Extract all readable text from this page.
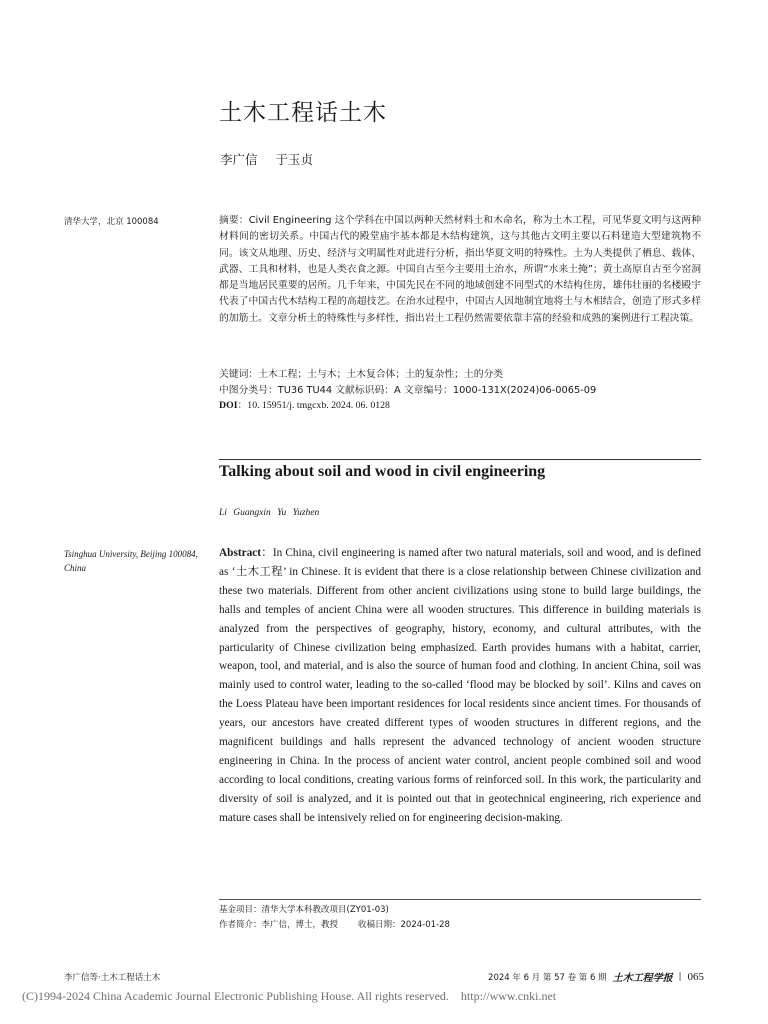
土木工程话土木
李广信 于玉贞
清华大学，北京 100084	摘要：Civil Engineering 这个学科在中国以两种天然材料土和木命名，称为土木工程，可见华夏文明与这两种材料间的密切关系。中国古代的殿堂庙宇基本都是木结构建筑，这与其他古文明主要以石料建造大型建筑物不同。该文从地理、历史、经济与文明属性对此进行分析，指出华夏文明的特殊性。土为人类提供了栖息、载体、武器、工具和材料，也是人类衣食之源。中国自古至今主要用土治水，所谓“水来土掩”；黄土高原自古至今窑洞都是当地居民重要的居所。几千年来，中国先民在不同的地域创建不同型式的木结构住房，雄伟壮丽的名楼殿宇代表了中国古代木结构工程的高超技艺。在治水过程中，中国古人因地制宜地将土与木相结合，创造了形式多样的加筋土。文章分析土的特殊性与多样性，指出岩土工程仍然需要依靠丰富的经验和成熟的案例进行工程决策。

关键词：土木工程；土与木；土木复合体；土的复杂性；土的分类
中图分类号：TU36 TU44 文献标识码：A 文章编号：1000-131X(2024)06-0065-09
DOI：10. 15951/j. tmgcxb. 2024. 06. 0128
Talking about soil and wood in civil engineering
Li Guangxin Yu Yuzhen
Tsinghua University, Beijing 100084, China
Abstract：In China, civil engineering is named after two natural materials, soil and wood, and is defined as ‘土木工程’ in Chinese. It is evident that there is a close relationship between Chinese civilization and these two materials. Different from other ancient civilizations using stone to build large buildings, the halls and temples of ancient China were all wooden structures. This difference in building materials is analyzed from the perspectives of geography, history, economy, and cultural attributes, with the particularity of Chinese civilization being emphasized. Earth provides humans with a habitat, carrier, weapon, tool, and material, and is also the source of human food and clothing. In ancient China, soil was mainly used to control water, leading to the so-called ‘flood may be blocked by soil’. Kilns and caves on the Loess Plateau have been important residences for local residents since ancient times. For thousands of years, our ancestors have created different types of wooden structures in different regions, and the magnificent buildings and halls represent the advanced technology of ancient wooden structure engineering in China. In the process of ancient water control, ancient people combined soil and wood according to local conditions, creating various forms of reinforced soil. In this work, the particularity and diversity of soil is analyzed, and it is pointed out that in geotechnical engineering, rich experience and mature cases shall be intensively relied on for engineering decision-making.
基金项目：清华大学本科教改项目(ZY01-03)
作者简介：李广信，博士，教授 收稿日期：2024-01-28
李广信等·土木工程话土木	2024 年 6 月 第 57 卷 第 6 期 土木工程学报 | 065
(C)1994-2024 China Academic Journal Electronic Publishing House. All rights reserved. http://www.cnki.net
